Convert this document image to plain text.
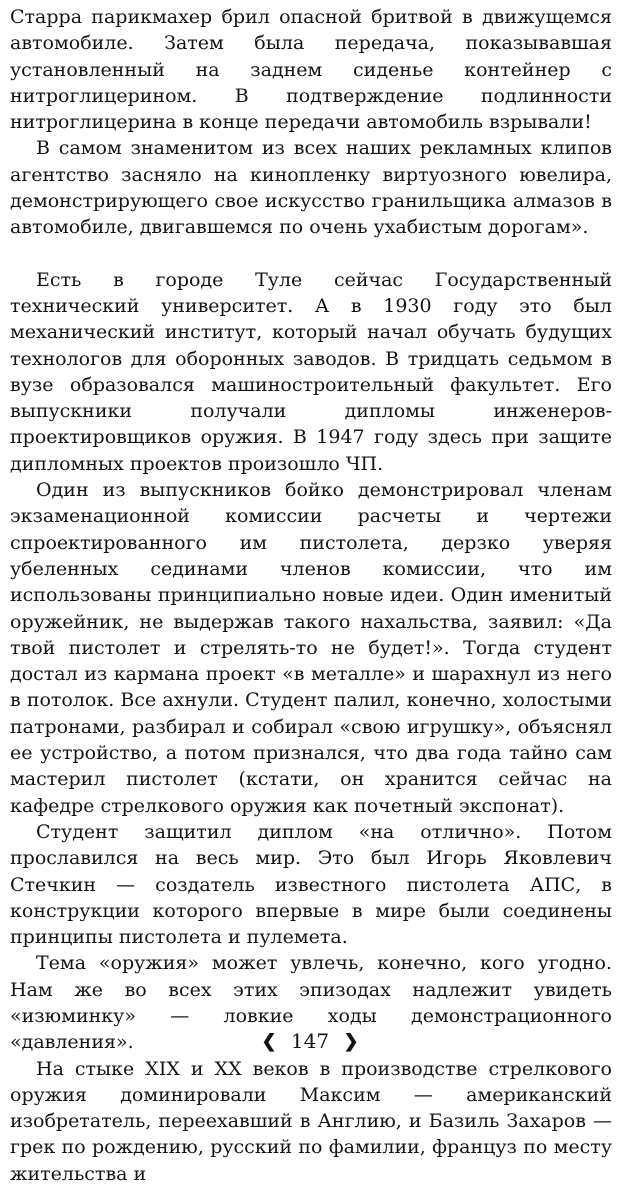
Старра парикмахер брил опасной бритвой в движущемся автомобиле. Затем была передача, показывавшая установленный на заднем сиденье контейнер с нитроглицерином. В подтверждение подлинности нитроглицерина в конце передачи автомобиль взрывали!

В самом знаменитом из всех наших рекламных клипов агентство засняло на кинопленку виртуозного ювелира, демонстрирующего свое искусство гранильщика алмазов в автомобиле, двигавшемся по очень ухабистым дорогам».

Есть в городе Туле сейчас Государственный технический университет. А в 1930 году это был механический институт, который начал обучать будущих технологов для оборонных заводов. В тридцать седьмом в вузе образовался машиностроительный факультет. Его выпускники получали дипломы инженеров-проектировщиков оружия. В 1947 году здесь при защите дипломных проектов произошло ЧП.

Один из выпускников бойко демонстрировал членам экзаменационной комиссии расчеты и чертежи спроектированного им пистолета, дерзко уверяя убеленных сединами членов комиссии, что им использованы принципиально новые идеи. Один именитый оружейник, не выдержав такого нахальства, заявил: «Да твой пистолет и стрелять-то не будет!». Тогда студент достал из кармана проект «в металле» и шарахнул из него в потолок. Все ахнули. Студент палил, конечно, холостыми патронами, разбирал и собирал «свою игрушку», объяснял ее устройство, а потом признался, что два года тайно сам мастерил пистолет (кстати, он хранится сейчас на кафедре стрелкового оружия как почетный экспонат).

Студент защитил диплом «на отлично». Потом прославился на весь мир. Это был Игорь Яковлевич Стечкин — создатель известного пистолета АПС, в конструкции которого впервые в мире были соединены принципы пистолета и пулемета.

Тема «оружия» может увлечь, конечно, кого угодно. Нам же во всех этих эпизодах надлежит увидеть «изюминку» — ловкие ходы демонстрационного «давления».

На стыке XIX и XX веков в производстве стрелкового оружия доминировали Максим — американский изобретатель, переехавший в Англию, и Базиль Захаров — грек по рождению, русский по фамилии, француз по месту жительства и

❮ 147 ❯
